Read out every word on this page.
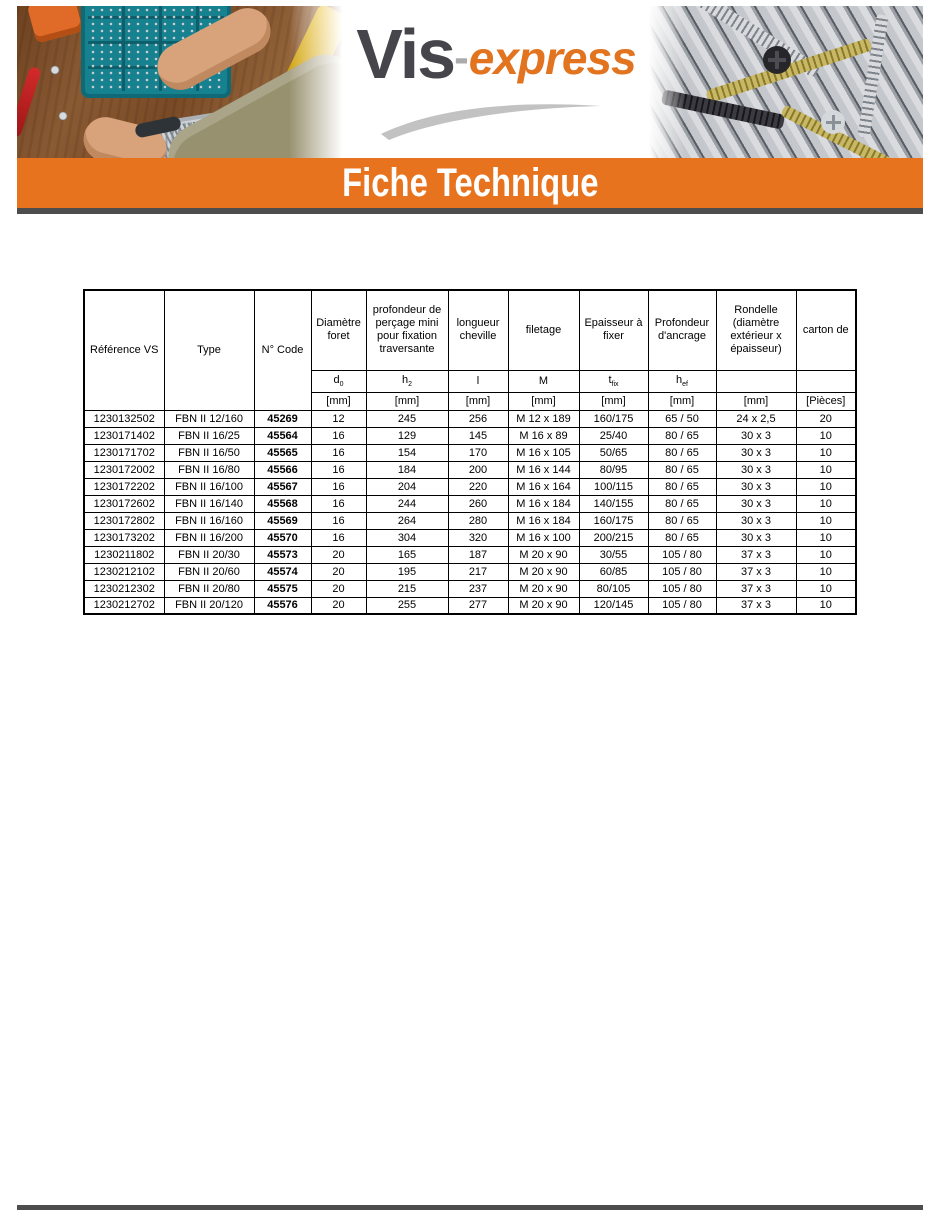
Vis-express
Fiche Technique
Référence VS	Type	N° Code	Diamètre foret	profondeur de perçage mini pour fixation traversante	longueur cheville	filetage	Epaisseur à fixer	Profondeur d'ancrage	Rondelle (diamètre extérieur x épaisseur)	carton de
			$d_0$	$h_2$	l	M	$t_{fix}$	$h_{ef}$		
			[mm]	[mm]	[mm]	[mm]	[mm]	[mm]	[mm]	[Pièces]
1230132502	FBN II 12/160	45269	12	245	256	M 12 x 189	160/175	65 / 50	24 x 2,5	20
1230171402	FBN II 16/25	45564	16	129	145	M 16 x 89	25/40	80 / 65	30 x 3	10
1230171702	FBN II 16/50	45565	16	154	170	M 16 x 105	50/65	80 / 65	30 x 3	10
1230172002	FBN II 16/80	45566	16	184	200	M 16 x 144	80/95	80 / 65	30 x 3	10
1230172202	FBN II 16/100	45567	16	204	220	M 16 x 164	100/115	80 / 65	30 x 3	10
1230172602	FBN II 16/140	45568	16	244	260	M 16 x 184	140/155	80 / 65	30 x 3	10
1230172802	FBN II 16/160	45569	16	264	280	M 16 x 184	160/175	80 / 65	30 x 3	10
1230173202	FBN II 16/200	45570	16	304	320	M 16 x 100	200/215	80 / 65	30 x 3	10
1230211802	FBN II 20/30	45573	20	165	187	M 20 x 90	30/55	105 / 80	37 x 3	10
1230212102	FBN II 20/60	45574	20	195	217	M 20 x 90	60/85	105 / 80	37 x 3	10
1230212302	FBN II 20/80	45575	20	215	237	M 20 x 90	80/105	105 / 80	37 x 3	10
1230212702	FBN II 20/120	45576	20	255	277	M 20 x 90	120/145	105 / 80	37 x 3	10
